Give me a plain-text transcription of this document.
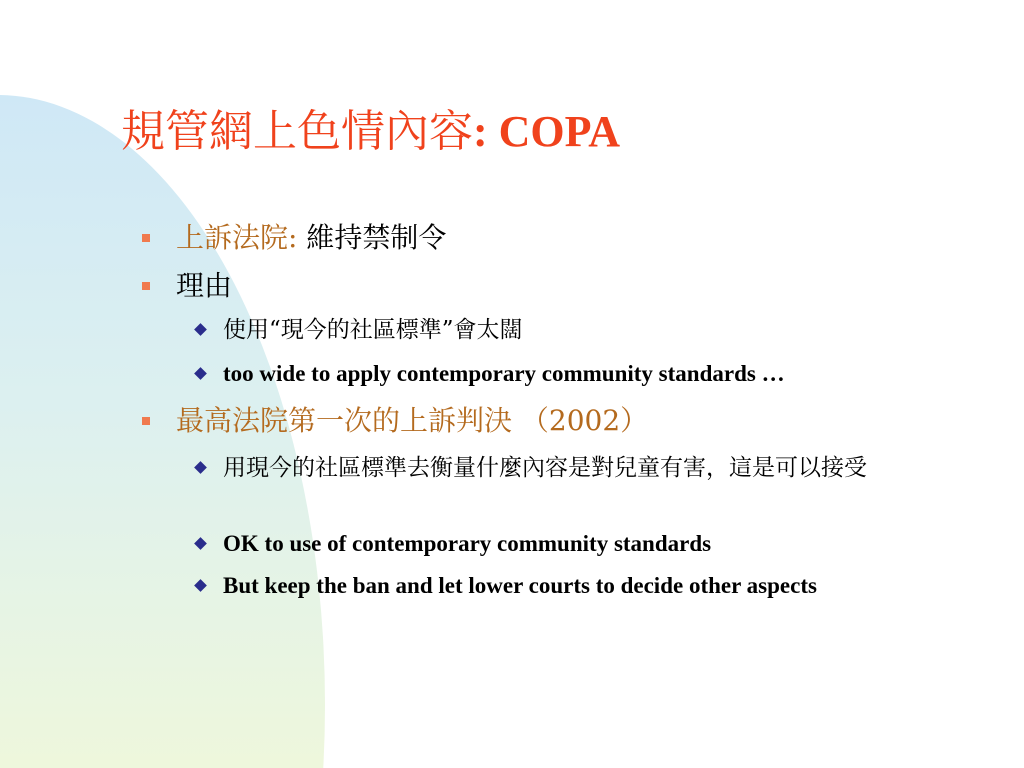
規管網上色情內容: COPA
上訴法院: 維持禁制令
理由
使用“現今的社區標準”會太闊
too wide to apply contemporary community standards …
最高法院第一次的上訴判決 （2002）
用現今的社區標準去衡量什麼內容是對兒童有害，這是可以接受
OK to use of contemporary community standards
But keep the ban and let lower courts to decide other aspects
